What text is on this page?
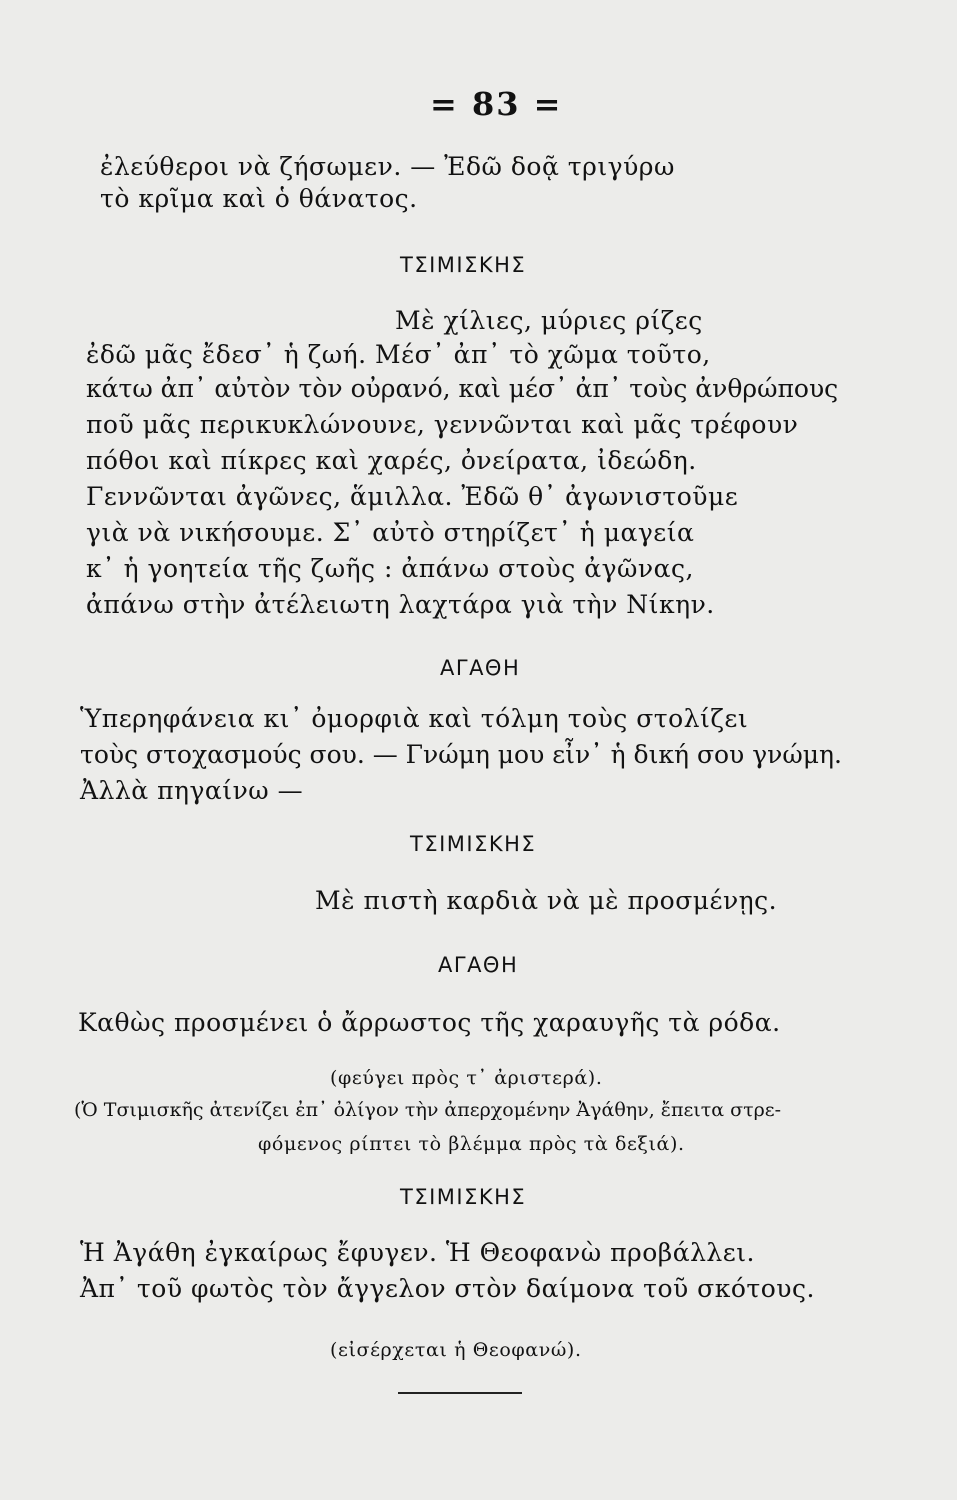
= 83 =
ἐλεύθεροι νὰ ζήσωμεν. — Ἐδῶ δοᾷ τριγύρω
τὸ κρῖμα καὶ ὁ θάνατος.
ΤΣΙΜΙΣΚΗΣ
Μὲ χίλιες, μύριες ρίζες
ἐδῶ μᾶς ἔδεσ᾽ ἡ ζωή. Μέσ᾽ ἀπ᾽ τὸ χῶμα τοῦτο,
κάτω ἀπ᾽ αὐτὸν τὸν οὐρανό, καὶ μέσ᾽ ἀπ᾽ τοὺς ἀνθρώπους
ποῦ μᾶς περικυκλώνουνε, γεννῶνται καὶ μᾶς τρέφουν
πόθοι καὶ πίκρες καὶ χαρές, ὀνείρατα, ἰδεώδη.
Γεννῶνται ἀγῶνες, ἅμιλλα. Ἐδῶ θ᾽ ἀγωνιστοῦμε
γιὰ νὰ νικήσουμε. Σ᾽ αὐτὸ στηρίζετ᾽ ἡ μαγεία
κ᾽ ἡ γοητεία τῆς ζωῆς : ἀπάνω στοὺς ἀγῶνας,
ἀπάνω στὴν ἀτέλειωτη λαχτάρα γιὰ τὴν Νίκην.
ΑΓΑΘΗ
Ὑπερηφάνεια κι᾽ ὀμορφιὰ καὶ τόλμη τοὺς στολίζει
τοὺς στοχασμούς σου. — Γνώμη μου εἶν᾽ ἡ δική σου γνώμη.
Ἀλλὰ πηγαίνω —
ΤΣΙΜΙΣΚΗΣ
Μὲ πιστὴ καρδιὰ νὰ μὲ προσμένῃς.
ΑΓΑΘΗ
Καθὼς προσμένει ὁ ἄρρωστος τῆς χαραυγῆς τὰ ρόδα.
(φεύγει πρὸς τ᾽ ἀριστερά).
(Ὁ Τσιμισκῆς ἀτενίζει ἐπ᾽ ὀλίγον τὴν ἀπερχομένην Ἀγάθην, ἔπειτα στρε-
φόμενος ρίπτει τὸ βλέμμα πρὸς τὰ δεξιά).
ΤΣΙΜΙΣΚΗΣ
Ἡ Ἀγάθη ἐγκαίρως ἔφυγεν. Ἡ Θεοφανὼ προβάλλει.
Ἀπ᾽ τοῦ φωτὸς τὸν ἄγγελον στὸν δαίμονα τοῦ σκότους.
(εἰσέρχεται ἡ Θεοφανώ).
